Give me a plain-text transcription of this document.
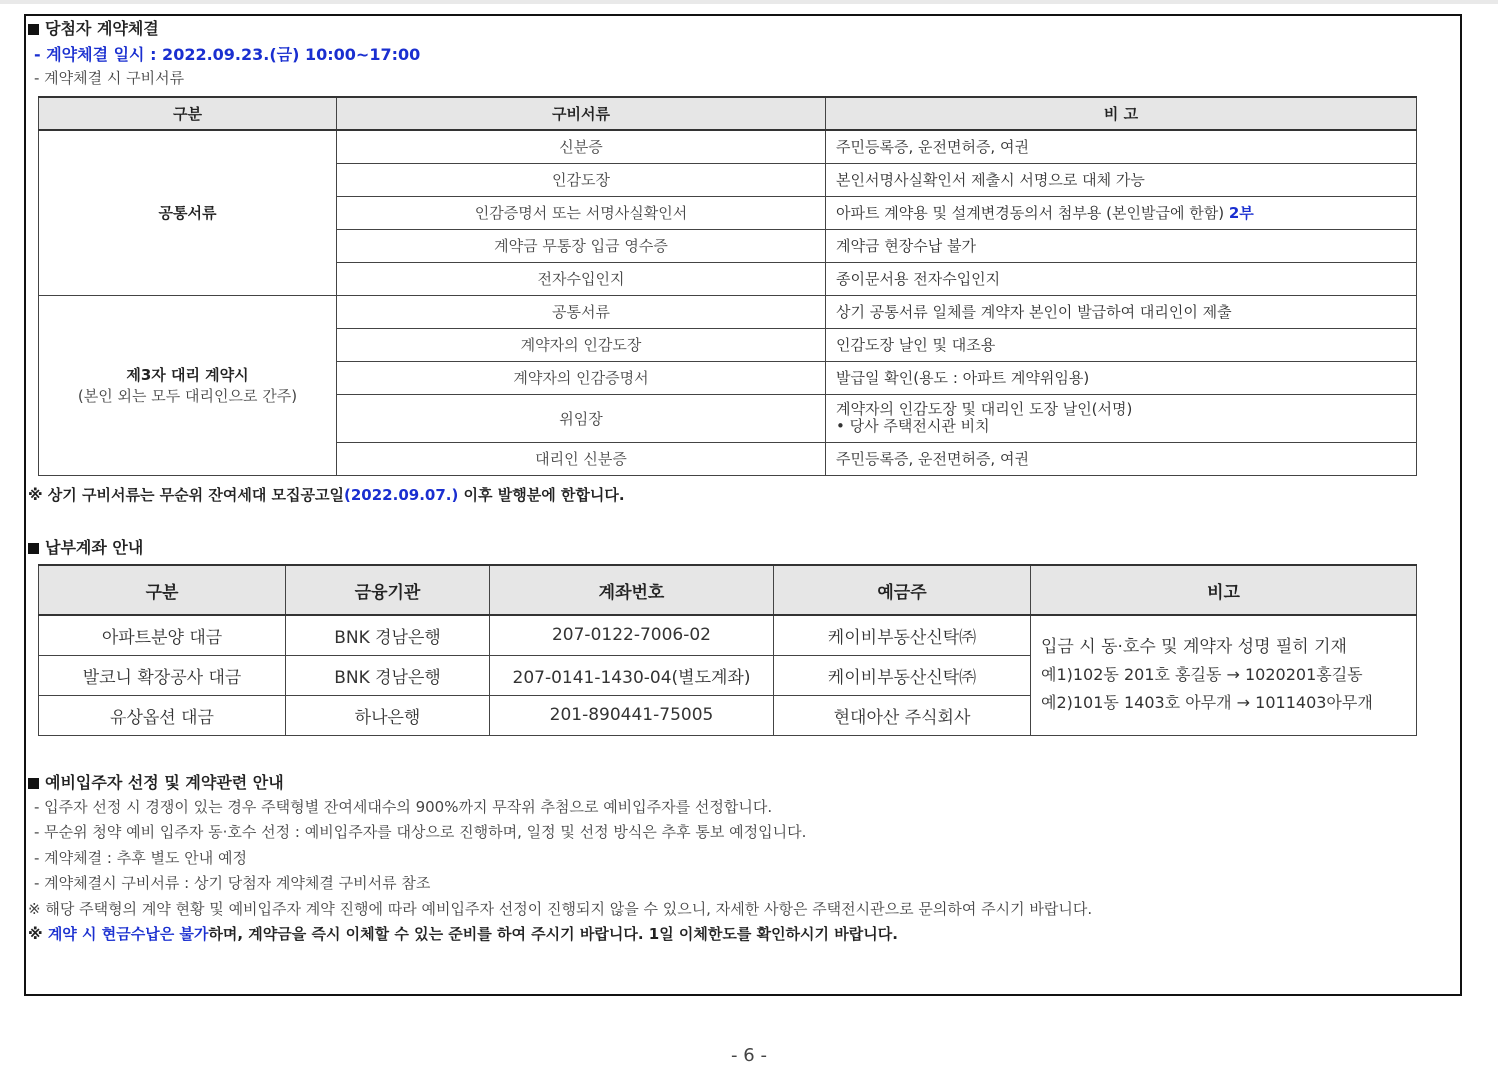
당첨자 계약체결
- 계약체결 일시 : 2022.09.23.(금) 10:00~17:00
- 계약체결 시 구비서류
구분	구비서류	비 고
공통서류	신분증	주민등록증, 운전면허증, 여권
	인감도장	본인서명사실확인서 제출시 서명으로 대체 가능
	인감증명서 또는 서명사실확인서	아파트 계약용 및 설계변경동의서 첨부용 (본인발급에 한함) 2부
	계약금 무통장 입금 영수증	계약금 현장수납 불가
	전자수입인지	종이문서용 전자수입인지

제3자 대리 계약시
(본인 외는 모두 대리인으로 간주)	공통서류	상기 공통서류 일체를 계약자 본인이 발급하여 대리인이 제출
	계약자의 인감도장	인감도장 날인 및 대조용
	계약자의 인감증명서	발급일 확인(용도 : 아파트 계약위임용)
	위임장	계약자의 인감도장 및 대리인 도장 날인(서명)
• 당사 주택전시관 비치

	대리인 신분증	주민등록증, 운전면허증, 여권
※ 상기 구비서류는 무순위 잔여세대 모집공고일(2022.09.07.) 이후 발행분에 한합니다.
납부계좌 안내
구분	금융기관	계좌번호	예금주	비고
아파트분양 대금	BNK 경남은행	207-0122-7006-02	케이비부동산신탁㈜	입금 시 동·호수 및 계약자 성명 필히 기재
예1)102동 201호 홍길동 → 1020201홍길동
예2)101동 1403호 아무개 → 1011403아무개

발코니 확장공사 대금	BNK 경남은행	207-0141-1430-04(별도계좌)	케이비부동산신탁㈜	
유상옵션 대금	하나은행	201-890441-75005	현대아산 주식회사	
예비입주자 선정 및 계약관련 안내
- 입주자 선정 시 경쟁이 있는 경우 주택형별 잔여세대수의 900%까지 무작위 추첨으로 예비입주자를 선정합니다.
- 무순위 청약 예비 입주자 동·호수 선정 : 예비입주자를 대상으로 진행하며, 일정 및 선정 방식은 추후 통보 예정입니다.
- 계약체결 : 추후 별도 안내 예정
- 계약체결시 구비서류 : 상기 당첨자 계약체결 구비서류 참조
※ 해당 주택형의 계약 현황 및 예비입주자 계약 진행에 따라 예비입주자 선정이 진행되지 않을 수 있으니, 자세한 사항은 주택전시관으로 문의하여 주시기 바랍니다.
※ 계약 시 현금수납은 불가하며, 계약금을 즉시 이체할 수 있는 준비를 하여 주시기 바랍니다. 1일 이체한도를 확인하시기 바랍니다.
- 6 -
